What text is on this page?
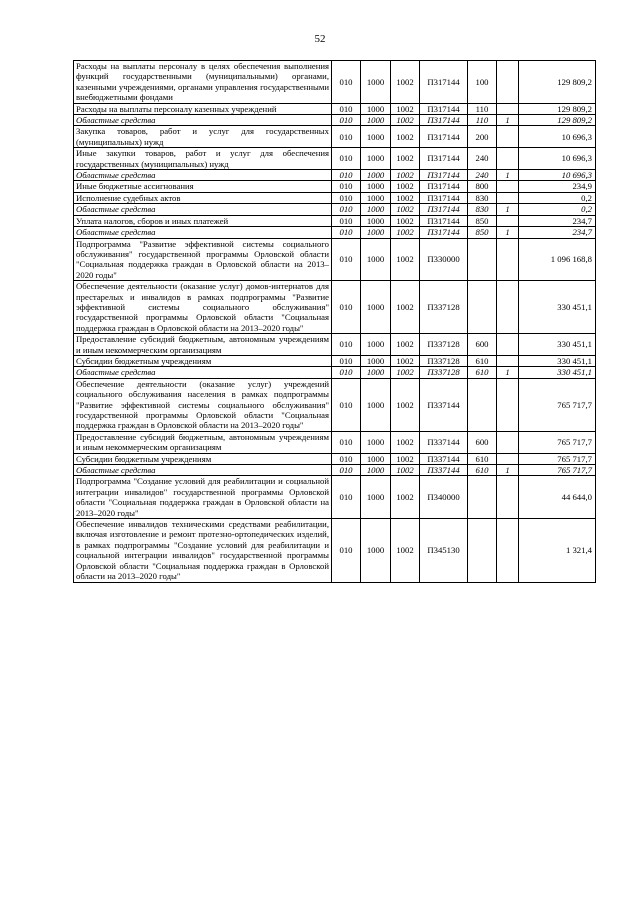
52
Расходы на выплаты персоналу в целях обеспечения выполнения функций государственными (муниципальными) органами, казенными учреждениями, органами управления государственными внебюджетными фондами	010	1000	1002	П317144	100		129 809,2
Расходы на выплаты персоналу казенных учреждений	010	1000	1002	П317144	110		129 809,2
Областные средства	010	1000	1002	П317144	110	1	129 809,2
Закупка товаров, работ и услуг для государственных (муниципальных) нужд	010	1000	1002	П317144	200		10 696,3
Иные закупки товаров, работ и услуг для обеспечения государственных (муниципальных) нужд	010	1000	1002	П317144	240		10 696,3
Областные средства	010	1000	1002	П317144	240	1	10 696,3
Иные бюджетные ассигнования	010	1000	1002	П317144	800		234,9
Исполнение судебных актов	010	1000	1002	П317144	830		0,2
Областные средства	010	1000	1002	П317144	830	1	0,2
Уплата налогов, сборов и иных платежей	010	1000	1002	П317144	850		234,7
Областные средства	010	1000	1002	П317144	850	1	234,7
Подпрограмма "Развитие эффективной системы социального обслуживания" государственной программы Орловской области "Социальная поддержка граждан в Орловской области на 2013–2020 годы"	010	1000	1002	П330000			1 096 168,8
Обеспечение деятельности (оказание услуг) домов-интернатов для престарелых и инвалидов в рамках подпрограммы "Развитие эффективной системы социального обслуживания" государственной программы Орловской области "Социальная поддержка граждан в Орловской области на 2013–2020 годы"	010	1000	1002	П337128			330 451,1
Предоставление субсидий бюджетным, автономным учреждениям и иным некоммерческим организациям	010	1000	1002	П337128	600		330 451,1
Субсидии бюджетным учреждениям	010	1000	1002	П337128	610		330 451,1
Областные средства	010	1000	1002	П337128	610	1	330 451,1
Обеспечение деятельности (оказание услуг) учреждений социального обслуживания населения в рамках подпрограммы "Развитие эффективной системы социального обслуживания" государственной программы Орловской области "Социальная поддержка граждан в Орловской области на 2013–2020 годы"	010	1000	1002	П337144			765 717,7
Предоставление субсидий бюджетным, автономным учреждениям и иным некоммерческим организациям	010	1000	1002	П337144	600		765 717,7
Субсидии бюджетным учреждениям	010	1000	1002	П337144	610		765 717,7
Областные средства	010	1000	1002	П337144	610	1	765 717,7
Подпрограмма "Создание условий для реабилитации и социальной интеграции инвалидов" государственной программы Орловской области "Социальная поддержка граждан в Орловской области на 2013–2020 годы"	010	1000	1002	П340000			44 644,0
Обеспечение инвалидов техническими средствами реабилитации, включая изготовление и ремонт протезно-ортопедических изделий, в рамках подпрограммы "Создание условий для реабилитации и социальной интеграции инвалидов" государственной программы Орловской области "Социальная поддержка граждан в Орловской области на 2013–2020 годы"	010	1000	1002	П345130			1 321,4
